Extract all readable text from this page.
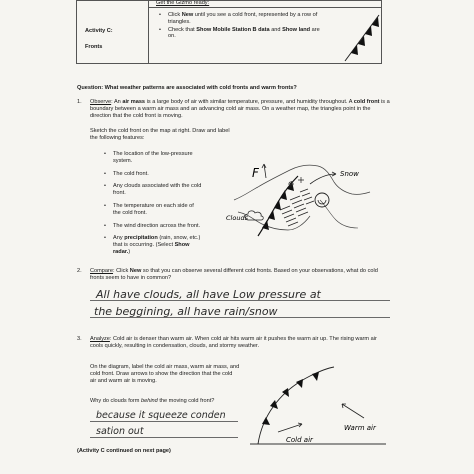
Activity C:
Fronts
Get the Gizmo ready:
• Click New until you see a cold front, represented by a row of triangles.
• Check that Show Mobile Station B data and Show land are on.
Question: What weather patterns are associated with cold fronts and warm fronts?
1. Observe: An air mass is a large body of air with similar temperature, pressure, and humidity throughout. A cold front is a boundary between a warm air mass and an advancing cold air mass. On a weather map, the triangles point in the direction that the cold front is moving.
Sketch the cold front on the map at right. Draw and label the following features:
• The location of the low-pressure system.
• The cold front.
• Any clouds associated with the cold front.
• The temperature on each side of the cold front.
• The wind direction across the front.
• Any precipitation (rain, snow, etc.) that is occurring. (Select Show radar.)
F	Snow
Clouds
2. Compare: Click New so that you can observe several different cold fronts. Based on your observations, what do cold fronts seem to have in common?
All have clouds, all have Low pressure at
the beggining, all have rain/snow
3. Analyze: Cold air is denser than warm air. When cold air hits warm air it pushes the warm air up. The rising warm air cools quickly, resulting in condensation, clouds, and stormy weather.
On the diagram, label the cold air mass, warm air mass, and cold front. Draw arrows to show the direction that the cold air and warm air is moving.
Why do clouds form behind the moving cold front?
because it squeeze conden
sation out
Cold air
Warm air
(Activity C continued on next page)
